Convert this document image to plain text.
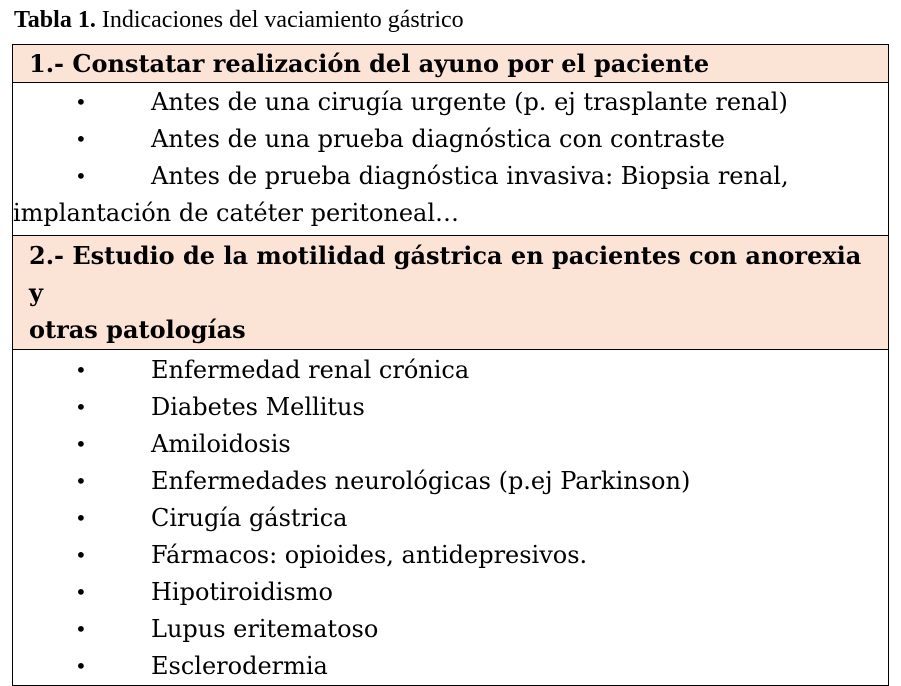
Tabla 1. Indicaciones del vaciamiento gástrico
1.- Constatar realización del ayuno por el paciente
•	Antes de una cirugía urgente (p. ej trasplante renal)
•	Antes de una prueba diagnóstica con contraste
•	Antes de prueba diagnóstica invasiva: Biopsia renal,
implantación de catéter peritoneal…
2.- Estudio de la motilidad gástrica en pacientes con anorexia y
otras patologías
•	Enfermedad renal crónica
•	Diabetes Mellitus
•	Amiloidosis
•	Enfermedades neurológicas (p.ej Parkinson)
•	Cirugía gástrica
•	Fármacos: opioides, antidepresivos.
•	Hipotiroidismo
•	Lupus eritematoso
•	Esclerodermia
